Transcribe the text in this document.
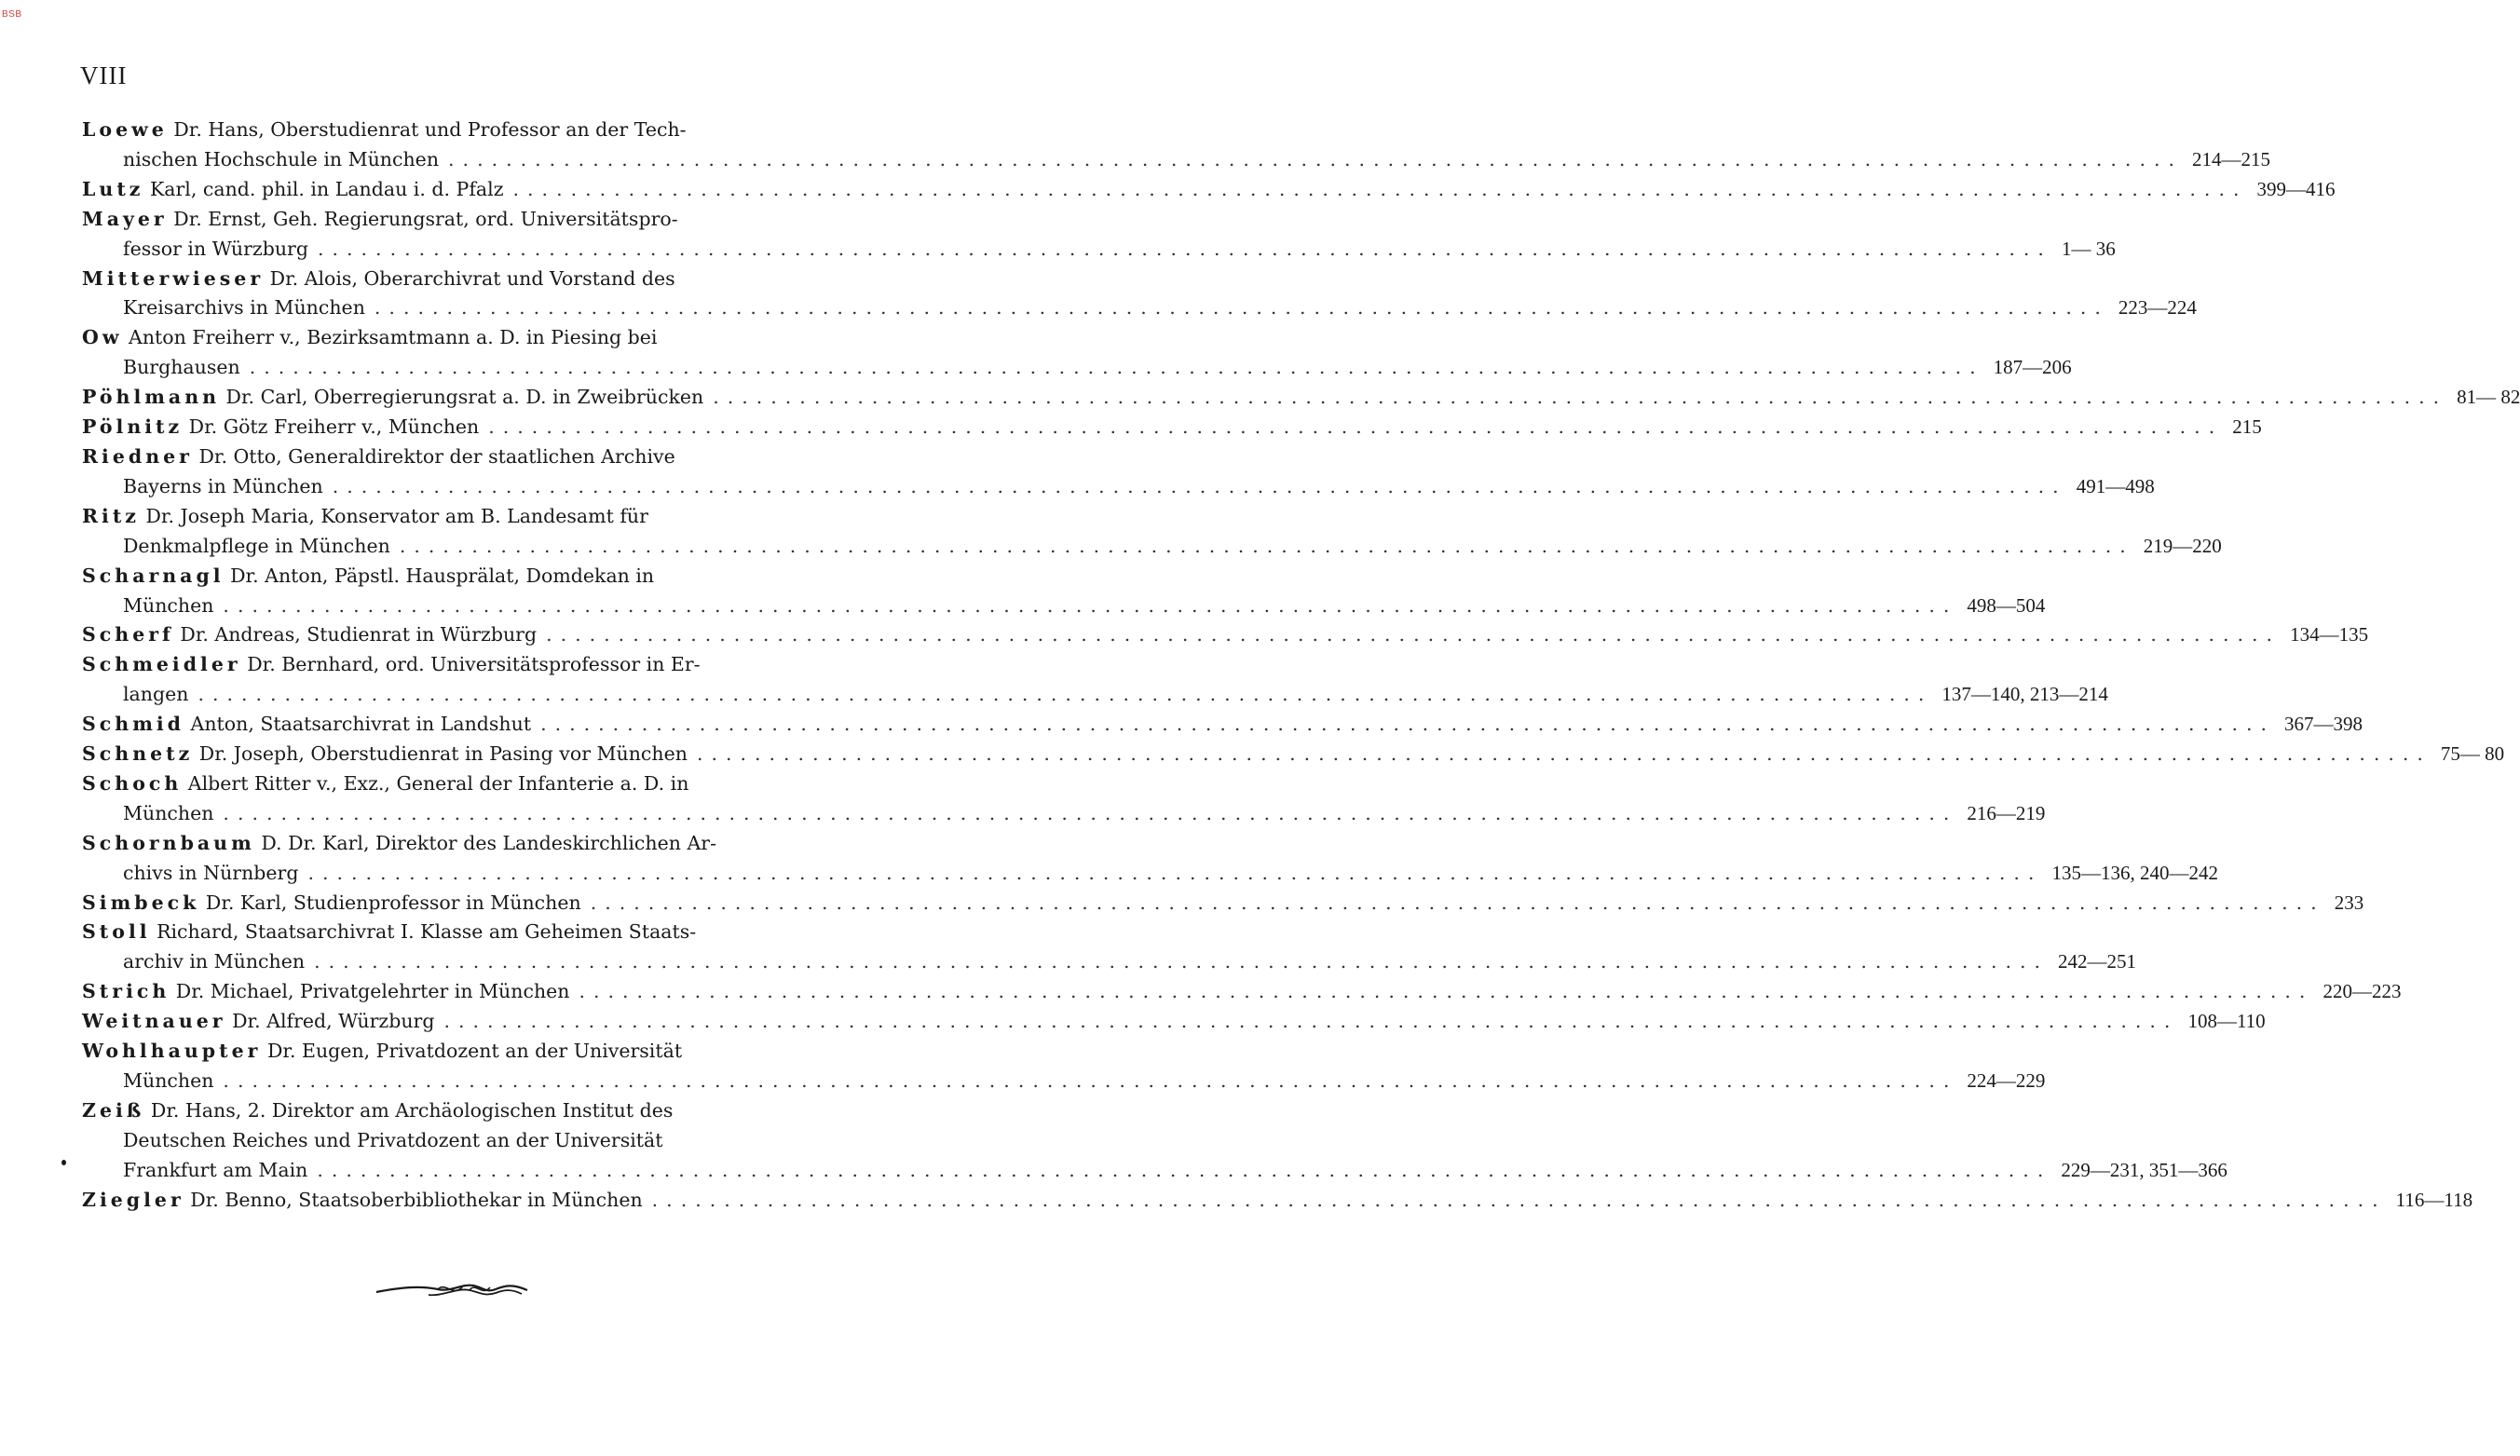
BSB
VIII
Loewe Dr. Hans, Oberstudienrat und Professor an der Tech-
nischen Hochschule in München ........................................................................................................................ 214—215
Lutz Karl, cand. phil. in Landau i. d. Pfalz ........................................................................................................................ 399—416
Mayer Dr. Ernst, Geh. Regierungsrat, ord. Universitätspro-
fessor in Würzburg ........................................................................................................................ 1— 36
Mitterwieser Dr. Alois, Oberarchivrat und Vorstand des
Kreisarchivs in München ........................................................................................................................ 223—224
Ow Anton Freiherr v., Bezirksamtmann a. D. in Piesing bei
Burghausen ........................................................................................................................ 187—206
Pöhlmann Dr. Carl, Oberregierungsrat a. D. in Zweibrücken ........................................................................................................................ 81— 82
Pölnitz Dr. Götz Freiherr v., München ........................................................................................................................ 215
Riedner Dr. Otto, Generaldirektor der staatlichen Archive
Bayerns in München ........................................................................................................................ 491—498
Ritz Dr. Joseph Maria, Konservator am B. Landesamt für
Denkmalpflege in München ........................................................................................................................ 219—220
Scharnagl Dr. Anton, Päpstl. Hausprälat, Domdekan in
München ........................................................................................................................ 498—504
Scherf Dr. Andreas, Studienrat in Würzburg ........................................................................................................................ 134—135
Schmeidler Dr. Bernhard, ord. Universitätsprofessor in Er-
langen ........................................................................................................................ 137—140, 213—214
Schmid Anton, Staatsarchivrat in Landshut ........................................................................................................................ 367—398
Schnetz Dr. Joseph, Oberstudienrat in Pasing vor München ........................................................................................................................ 75— 80
Schoch Albert Ritter v., Exz., General der Infanterie a. D. in
München ........................................................................................................................ 216—219
Schornbaum D. Dr. Karl, Direktor des Landeskirchlichen Ar-
chivs in Nürnberg ........................................................................................................................ 135—136, 240—242
Simbeck Dr. Karl, Studienprofessor in München ........................................................................................................................ 233
Stoll Richard, Staatsarchivrat I. Klasse am Geheimen Staats-
archiv in München ........................................................................................................................ 242—251
Strich Dr. Michael, Privatgelehrter in München ........................................................................................................................ 220—223
Weitnauer Dr. Alfred, Würzburg ........................................................................................................................ 108—110
Wohlhaupter Dr. Eugen, Privatdozent an der Universität
München ........................................................................................................................ 224—229
Zeiß Dr. Hans, 2. Direktor am Archäologischen Institut des
Deutschen Reiches und Privatdozent an der Universität
Frankfurt am Main ........................................................................................................................ 229—231, 351—366
Ziegler Dr. Benno, Staatsoberbibliothekar in München ........................................................................................................................ 116—118
